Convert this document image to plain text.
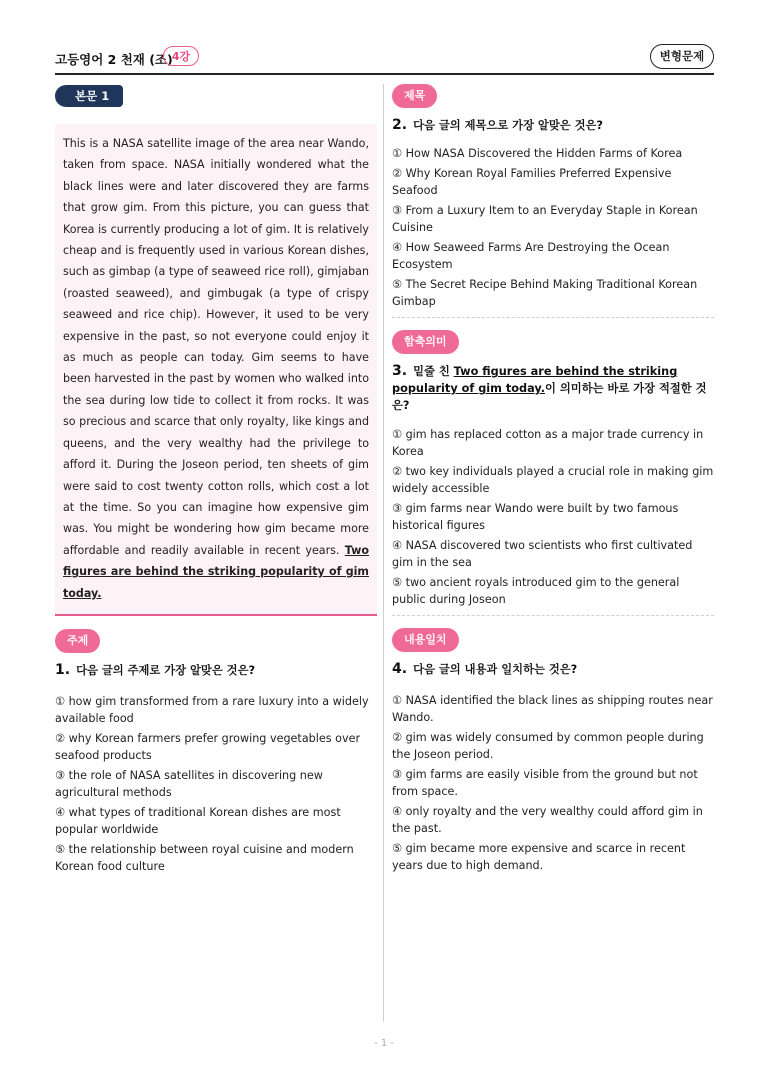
고등영어 2 천재 (조) 4강	변형문제
본문 1
This is a NASA satellite image of the area near Wando, taken from space. NASA initially wondered what the black lines were and later discovered they are farms that grow gim. From this picture, you can guess that Korea is currently producing a lot of gim. It is relatively cheap and is frequently used in various Korean dishes, such as gimbap (a type of seaweed rice roll), gimjaban (roasted seaweed), and gimbugak (a type of crispy seaweed and rice chip). However, it used to be very expensive in the past, so not everyone could enjoy it as much as people can today. Gim seems to have been harvested in the past by women who walked into the sea during low tide to collect it from rocks. It was so precious and scarce that only royalty, like kings and queens, and the very wealthy had the privilege to afford it. During the Joseon period, ten sheets of gim were said to cost twenty cotton rolls, which cost a lot at the time. So you can imagine how expensive gim was. You might be wondering how gim became more affordable and readily available in recent years. Two figures are behind the striking popularity of gim today.
주제
1. 다음 글의 주제로 가장 알맞은 것은?
① how gim transformed from a rare luxury into a widely available food
② why Korean farmers prefer growing vegetables over seafood products
③ the role of NASA satellites in discovering new agricultural methods
④ what types of traditional Korean dishes are most popular worldwide
⑤ the relationship between royal cuisine and modern Korean food culture
제목
2. 다음 글의 제목으로 가장 알맞은 것은?
① How NASA Discovered the Hidden Farms of Korea
② Why Korean Royal Families Preferred Expensive Seafood
③ From a Luxury Item to an Everyday Staple in Korean Cuisine
④ How Seaweed Farms Are Destroying the Ocean Ecosystem
⑤ The Secret Recipe Behind Making Traditional Korean Gimbap
함축의미
3. 밑줄 친 Two figures are behind the striking popularity of gim today.이 의미하는 바로 가장 적절한 것은?
① gim has replaced cotton as a major trade currency in Korea
② two key individuals played a crucial role in making gim widely accessible
③ gim farms near Wando were built by two famous historical figures
④ NASA discovered two scientists who first cultivated gim in the sea
⑤ two ancient royals introduced gim to the general public during Joseon
내용일치
4. 다음 글의 내용과 일치하는 것은?
① NASA identified the black lines as shipping routes near Wando.
② gim was widely consumed by common people during the Joseon period.
③ gim farms are easily visible from the ground but not from space.
④ only royalty and the very wealthy could afford gim in the past.
⑤ gim became more expensive and scarce in recent years due to high demand.
- 1 -
